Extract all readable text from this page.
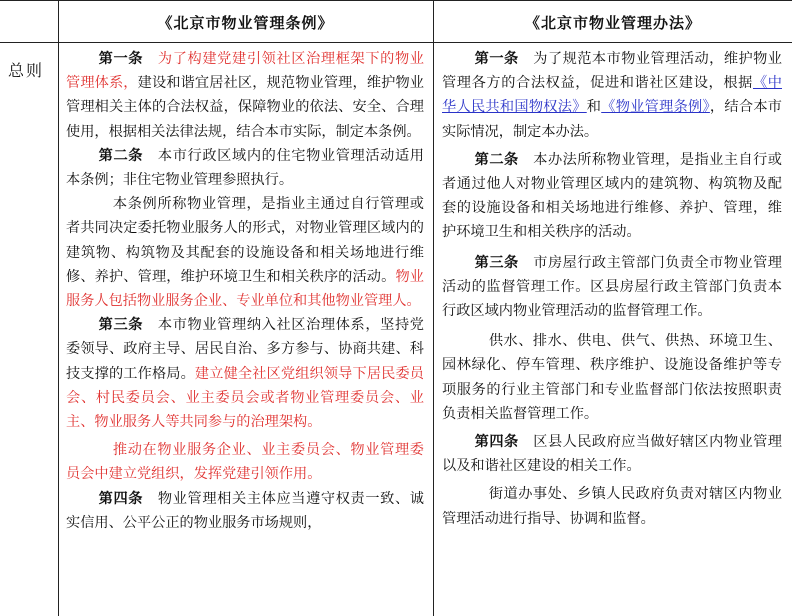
《北京市物业管理条例》	《北京市物业管理办法》
总则

第一条  为了构建党建引领社区治理框架下的物业管理体系，建设和谐宜居社区，规范物业管理，维护物业管理相关主体的合法权益，保障物业的依法、安全、合理使用，根据相关法律法规，结合本市实际，制定本条例。

第二条  本市行政区域内的住宅物业管理活动适用本条例；非住宅物业管理参照执行。

本条例所称物业管理，是指业主通过自行管理或者共同决定委托物业服务人的形式，对物业管理区域内的建筑物、构筑物及其配套的设施设备和相关场地进行维修、养护、管理，维护环境卫生和相关秩序的活动。物业服务人包括物业服务企业、专业单位和其他物业管理人。

第三条  本市物业管理纳入社区治理体系，坚持党委领导、政府主导、居民自治、多方参与、协商共建、科技支撑的工作格局。建立健全社区党组织领导下居民委员会、村民委员会、业主委员会或者物业管理委员会、业主、物业服务人等共同参与的治理架构。

推动在物业服务企业、业主委员会、物业管理委员会中建立党组织，发挥党建引领作用。

第四条  物业管理相关主体应当遵守权责一致、诚实信用、公平公正的物业服务市场规则，

第一条  为了规范本市物业管理活动，维护物业管理各方的合法权益，促进和谐社区建设，根据《中华人民共和国物权法》和《物业管理条例》，结合本市实际情况，制定本办法。

第二条  本办法所称物业管理，是指业主自行或者通过他人对物业管理区域内的建筑物、构筑物及配套的设施设备和相关场地进行维修、养护、管理，维护环境卫生和相关秩序的活动。

第三条  市房屋行政主管部门负责全市物业管理活动的监督管理工作。区县房屋行政主管部门负责本行政区域内物业管理活动的监督管理工作。

供水、排水、供电、供气、供热、环境卫生、园林绿化、停车管理、秩序维护、设施设备维护等专项服务的行业主管部门和专业监督部门依法按照职责负责相关监督管理工作。

第四条  区县人民政府应当做好辖区内物业管理以及和谐社区建设的相关工作。

街道办事处、乡镇人民政府负责对辖区内物业管理活动进行指导、协调和监督。
